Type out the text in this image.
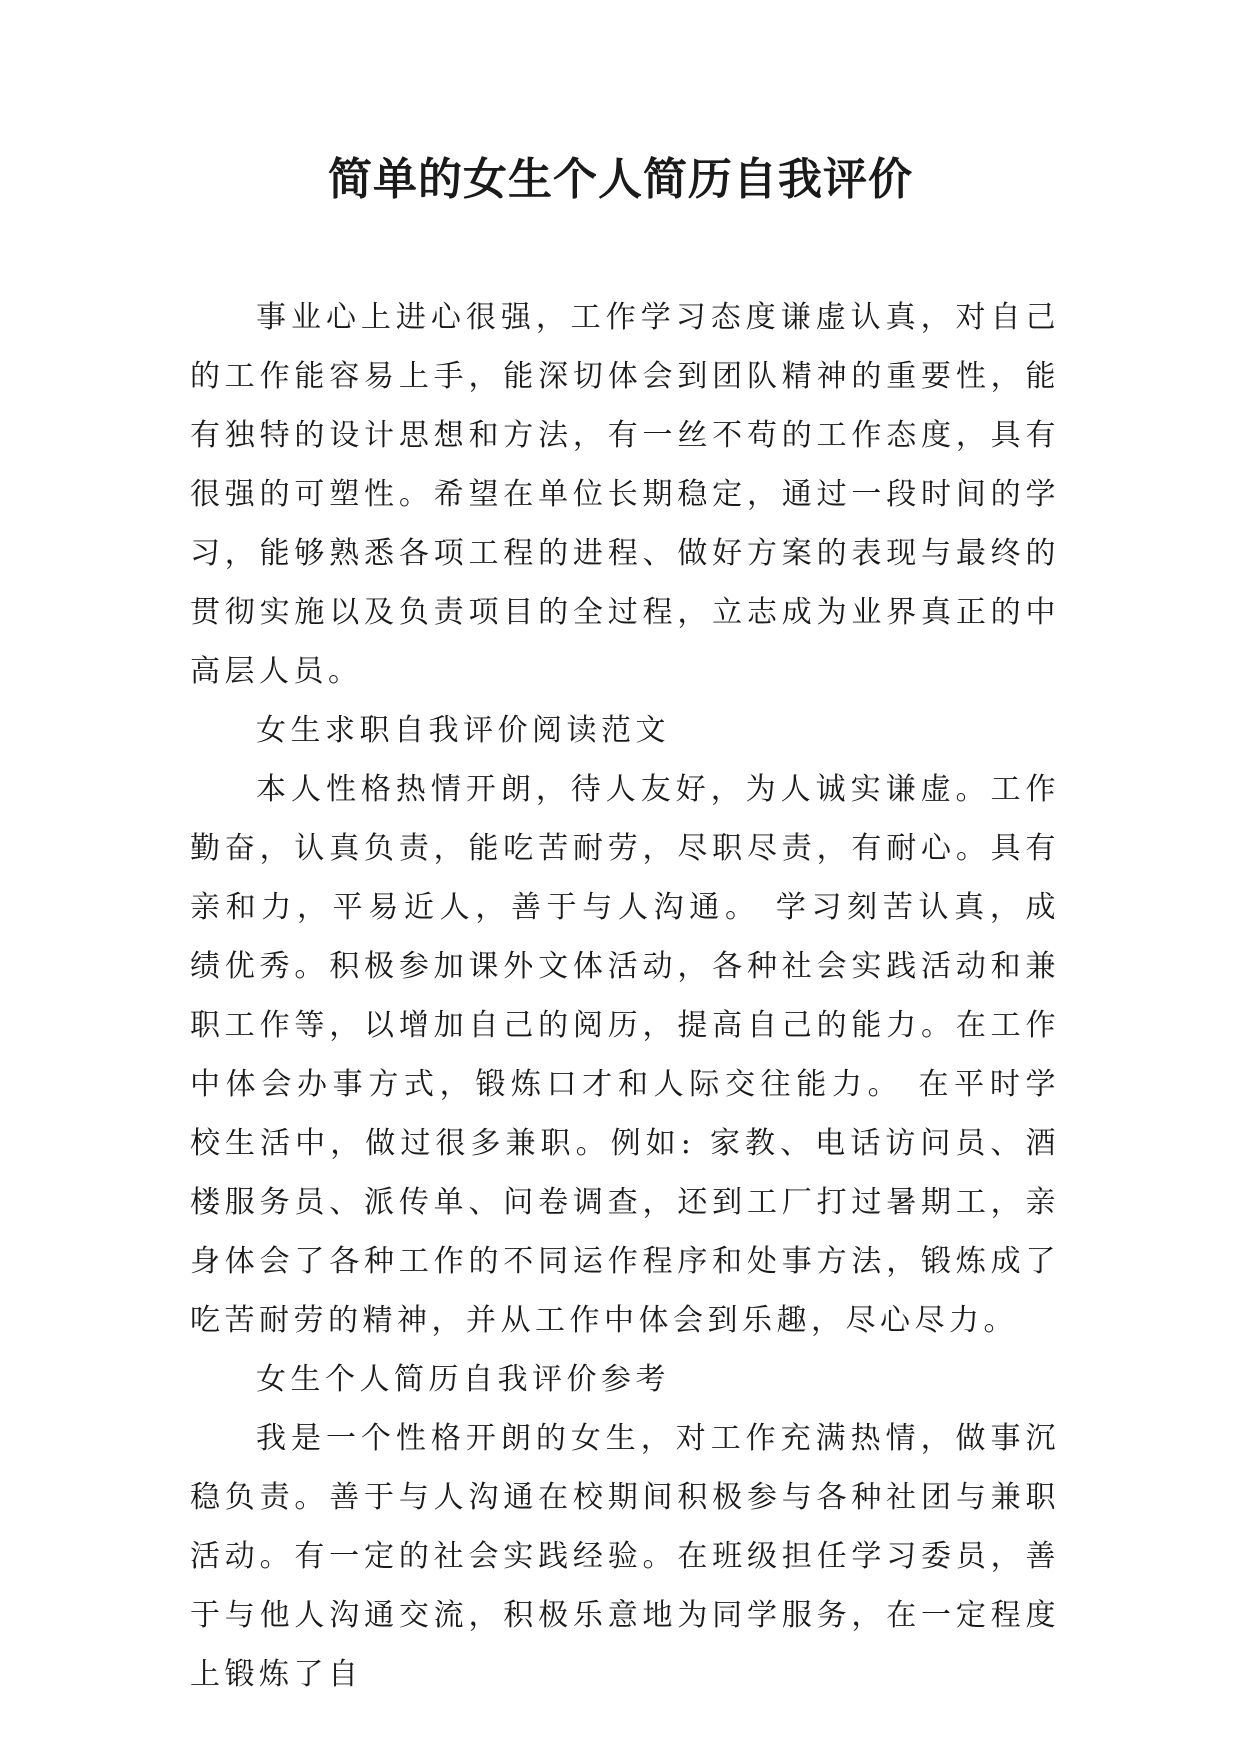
简单的女生个人简历自我评价

事业心上进心很强，工作学习态度谦虚认真，对自己的工作能容易上手，能深切体会到团队精神的重要性，能有独特的设计思想和方法，有一丝不苟的工作态度，具有很强的可塑性。希望在单位长期稳定，通过一段时间的学习，能够熟悉各项工程的进程、做好方案的表现与最终的贯彻实施以及负责项目的全过程，立志成为业界真正的中高层人员。

女生求职自我评价阅读范文

本人性格热情开朗，待人友好，为人诚实谦虚。工作勤奋，认真负责，能吃苦耐劳，尽职尽责，有耐心。具有亲和力，平易近人，善于与人沟通。 学习刻苦认真，成绩优秀。积极参加课外文体活动，各种社会实践活动和兼职工作等，以增加自己的阅历，提高自己的能力。在工作中体会办事方式，锻炼口才和人际交往能力。 在平时学校生活中，做过很多兼职。例如: 家教、电话访问员、酒楼服务员、派传单、问卷调查，还到工厂打过暑期工，亲身体会了各种工作的不同运作程序和处事方法，锻炼成了吃苦耐劳的精神，并从工作中体会到乐趣，尽心尽力。

女生个人简历自我评价参考

我是一个性格开朗的女生，对工作充满热情，做事沉稳负责。善于与人沟通在校期间积极参与各种社团与兼职活动。有一定的社会实践经验。在班级担任学习委员，善于与他人沟通交流，积极乐意地为同学服务，在一定程度上锻炼了自
